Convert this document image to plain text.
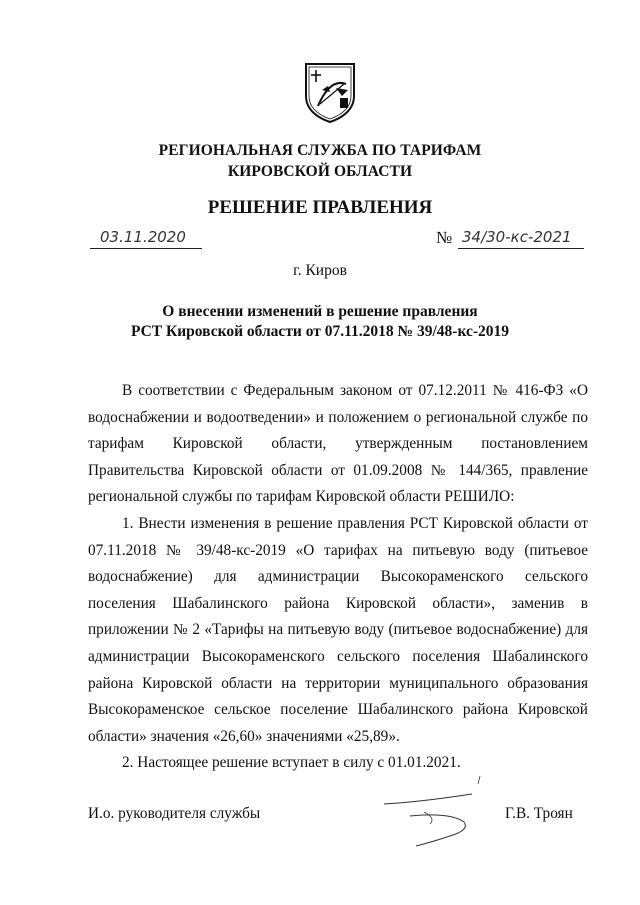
РЕГИОНАЛЬНАЯ СЛУЖБА ПО ТАРИФАМ
КИРОВСКОЙ ОБЛАСТИ
РЕШЕНИЕ ПРАВЛЕНИЯ
03.11.2020	№ 34/30-кс-2021
г. Киров
О внесении изменений в решение правления
РСТ Кировской области от 07.11.2018 № 39/48-кс-2019

В соответствии с Федеральным законом от 07.12.2011 № 416-ФЗ «О водоснабжении и водоотведении» и положением о региональной службе по тарифам Кировской области, утвержденным постановлением Правительства Кировской области от 01.09.2008 № 144/365, правление региональной службы по тарифам Кировской области РЕШИЛО:

1. Внести изменения в решение правления РСТ Кировской области от 07.11.2018 № 39/48-кс-2019 «О тарифах на питьевую воду (питьевое водоснабжение) для администрации Высокораменского сельского поселения Шабалинского района Кировской области», заменив в приложении № 2 «Тарифы на питьевую воду (питьевое водоснабжение) для администрации Высокораменского сельского поселения Шабалинского района Кировской области на территории муниципального образования Высокораменское сельское поселение Шабалинского района Кировской области» значения «26,60» значениями «25,89».

2. Настоящее решение вступает в силу с 01.01.2021.

И.о. руководителя службы	Г.В. Троян
